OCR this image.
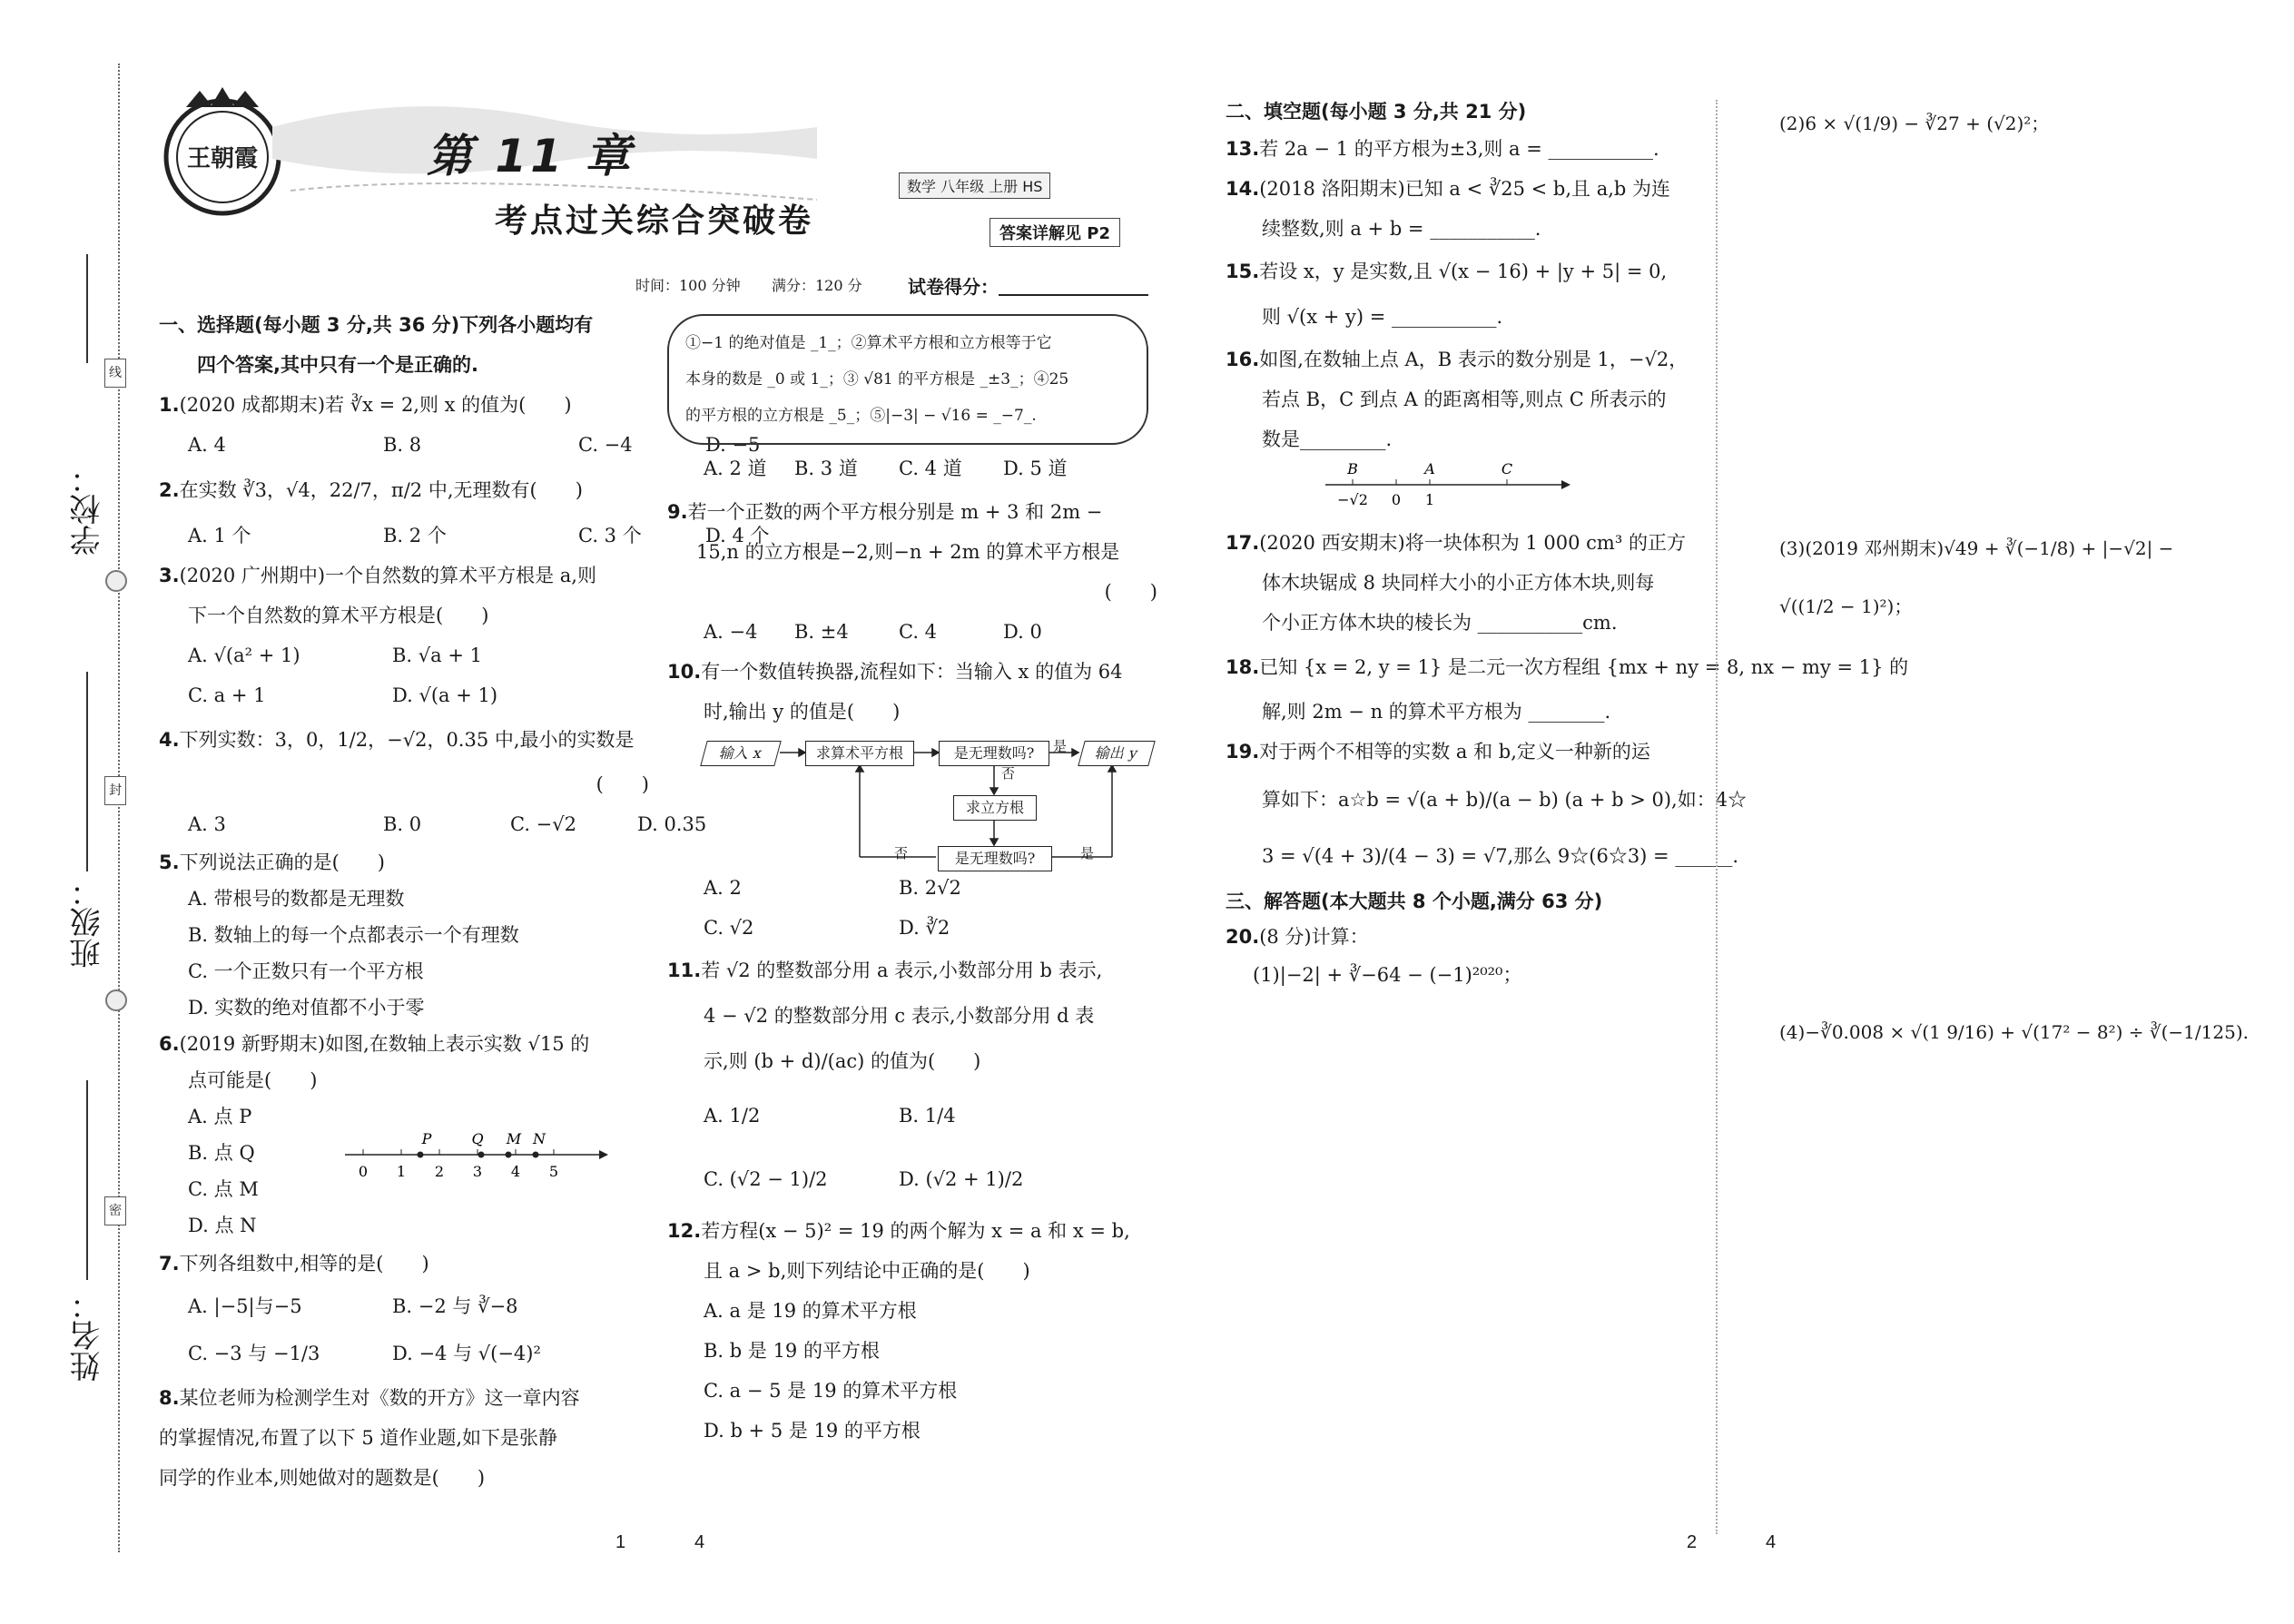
学校：
班级：
姓名：
线
封
密
王朝霞	第 11 章
考点过关综合突破卷
数学 八年级 上册 HS
答案详解见 P2
时间：100 分钟 满分：120 分	试卷得分：
一、选择题(每小题 3 分,共 36 分)下列各小题均有
四个答案,其中只有一个是正确的.
1.(2020 成都期末)若 ∛x = 2,则 x 的值为(　　)
A. 4	B. 8	C. −4	D. −5
2.在实数 ∛3，√4，22/7，π/2 中,无理数有(　　)
A. 1 个	B. 2 个	C. 3 个	D. 4 个
3.(2020 广州期中)一个自然数的算术平方根是 a,则
下一个自然数的算术平方根是(　　)
A. √(a² + 1)	B. √a + 1
C. a + 1	D. √(a + 1)
4.下列实数：3，0，1/2，−√2，0.35 中,最小的实数是
(　　)
A. 3	B. 0	C. −√2	D. 0.35
5.下列说法正确的是(　　)
A. 带根号的数都是无理数
B. 数轴上的每一个点都表示一个有理数
C. 一个正数只有一个平方根
D. 实数的绝对值都不小于零
6.(2019 新野期末)如图,在数轴上表示实数 √15 的
点可能是(　　)
A. 点 P
B. 点 Q
C. 点 M
D. 点 N
0 1 2 3 4 5
P	Q M N
7.下列各组数中,相等的是(　　)
A. |−5|与−5	B. −2 与 ∛−8
C. −3 与 −1/3	D. −4 与 √(−4)²
8.某位老师为检测学生对《数的开方》这一章内容
的掌握情况,布置了以下 5 道作业题,如下是张静
同学的作业本,则她做对的题数是(　　)
①−1 的绝对值是 _1_；②算术平方根和立方根等于它
本身的数是 _0 或 1_；③ √81 的平方根是 _±3_；④25
的平方根的立方根是 _5_；⑤|−3| − √16 = _−7_.
A. 2 道 B. 3 道 C. 4 道 D. 5 道
9.若一个正数的两个平方根分别是 m + 3 和 2m −
15,n 的立方根是−2,则−n + 2m 的算术平方根是
(　　)
A. −4 B. ±4	C. 4	D. 0
10.有一个数值转换器,流程如下：当输入 x 的值为 64
时,输出 y 的值是(　　)
输入 x	求算术平方根	是无理数吗?	输出 y
求立方根
是无理数吗?
是
否
否	是
A. 2	B. 2√2
C. √2	D. ∛2
11.若 √2 的整数部分用 a 表示,小数部分用 b 表示,
4 − √2 的整数部分用 c 表示,小数部分用 d 表
示,则 (b + d)/(ac) 的值为(　　)
A. 1/2	B. 1/4
C. (√2 − 1)/2	D. (√2 + 1)/2
12.若方程(x − 5)² = 19 的两个解为 x = a 和 x = b,
且 a > b,则下列结论中正确的是(　　)
A. a 是 19 的算术平方根
B. b 是 19 的平方根
C. a − 5 是 19 的算术平方根
D. b + 5 是 19 的平方根
1	4
二、填空题(每小题 3 分,共 21 分)
13.若 2a − 1 的平方根为±3,则 a = ___________.
14.(2018 洛阳期末)已知 a < ∛25 < b,且 a,b 为连
续整数,则 a + b = ___________.
15.若设 x，y 是实数,且 √(x − 16) + |y + 5| = 0,
则 √(x + y) = ___________.
16.如图,在数轴上点 A，B 表示的数分别是 1，−√2，
若点 B，C 到点 A 的距离相等,则点 C 所表示的
数是_________.
B	A	C
−√2 0 1
17.(2020 西安期末)将一块体积为 1 000 cm³ 的正方
体木块锯成 8 块同样大小的小正方体木块,则每
个小正方体木块的棱长为 ___________cm.
18.已知 {x = 2, y = 1} 是二元一次方程组 {mx + ny = 8, nx − my = 1} 的
解,则 2m − n 的算术平方根为 ________.
19.对于两个不相等的实数 a 和 b,定义一种新的运
算如下：a☆b = √(a + b)/(a − b) (a + b > 0),如：4☆
3 = √(4 + 3)/(4 − 3) = √7,那么 9☆(6☆3) = ______.
三、解答题(本大题共 8 个小题,满分 63 分)
20.(8 分)计算：
(1)|−2| + ∛−64 − (−1)²⁰²⁰；
(2)6 × √(1/9) − ∛27 + (√2)²；
(3)(2019 邓州期末)√49 + ∛(−1/8) + |−√2| −
√((1/2 − 1)²)；
(4)−∛0.008 × √(1 9/16) + √(17² − 8²) ÷ ∛(−1/125).
2	4
